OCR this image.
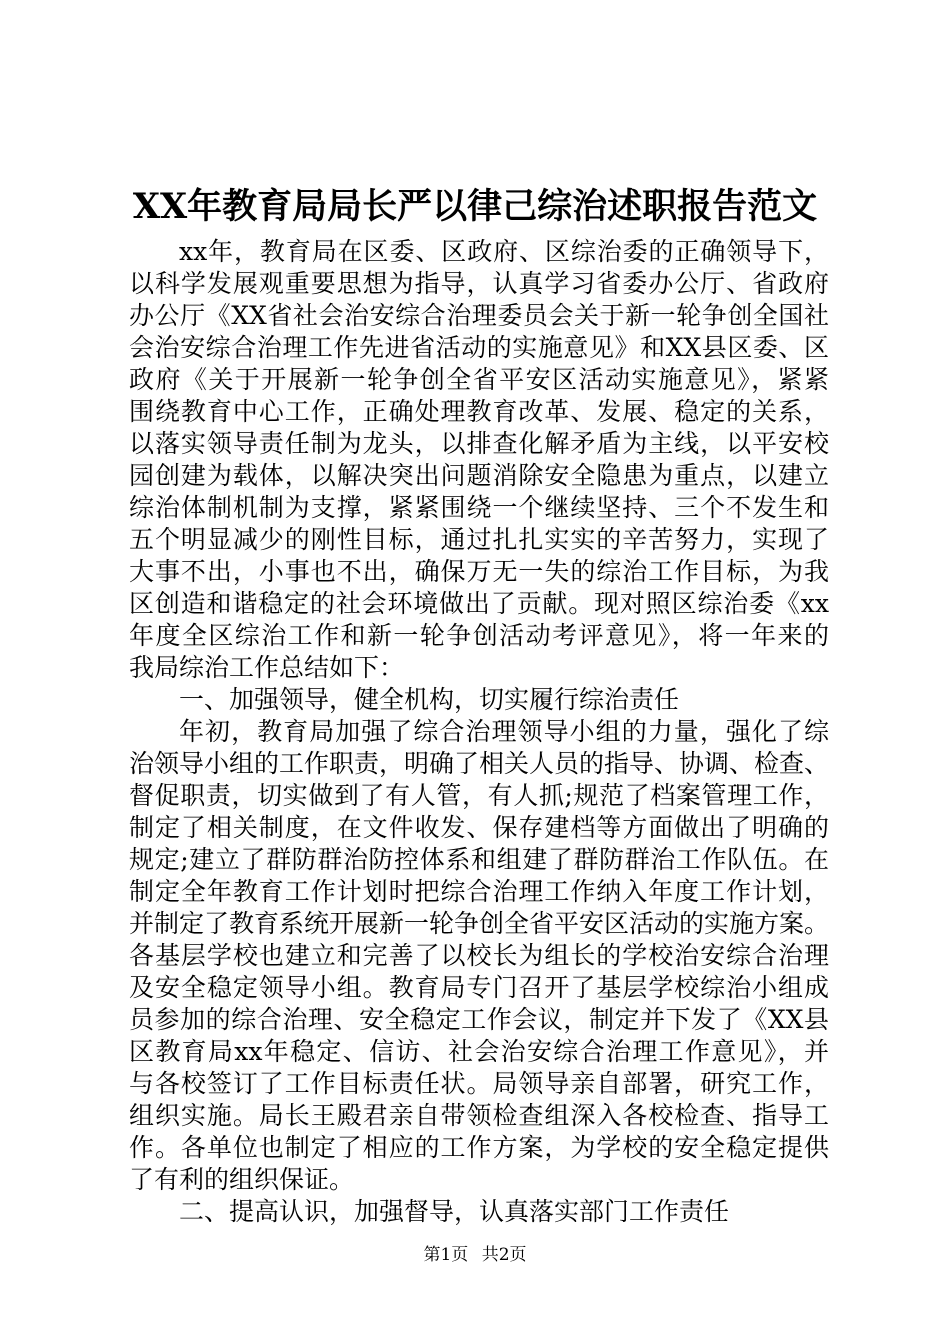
XX年教育局局长严以律己综治述职报告范文
xx年，教育局在区委、区政府、区综治委的正确领导下，
以科学发展观重要思想为指导，认真学习省委办公厅、省政府
办公厅《XX省社会治安综合治理委员会关于新一轮争创全国社
会治安综合治理工作先进省活动的实施意见》和XX县区委、区
政府《关于开展新一轮争创全省平安区活动实施意见》，紧紧
围绕教育中心工作，正确处理教育改革、发展、稳定的关系，
以落实领导责任制为龙头，以排查化解矛盾为主线，以平安校
园创建为载体，以解决突出问题消除安全隐患为重点，以建立
综治体制机制为支撑，紧紧围绕一个继续坚持、三个不发生和
五个明显减少的刚性目标，通过扎扎实实的辛苦努力，实现了
大事不出，小事也不出，确保万无一失的综治工作目标，为我
区创造和谐稳定的社会环境做出了贡献。现对照区综治委《xx
年度全区综治工作和新一轮争创活动考评意见》，将一年来的
我局综治工作总结如下：
一、加强领导，健全机构，切实履行综治责任
年初，教育局加强了综合治理领导小组的力量，强化了综
治领导小组的工作职责，明确了相关人员的指导、协调、检查、
督促职责，切实做到了有人管，有人抓;规范了档案管理工作，
制定了相关制度，在文件收发、保存建档等方面做出了明确的
规定;建立了群防群治防控体系和组建了群防群治工作队伍。在
制定全年教育工作计划时把综合治理工作纳入年度工作计划，
并制定了教育系统开展新一轮争创全省平安区活动的实施方案。
各基层学校也建立和完善了以校长为组长的学校治安综合治理
及安全稳定领导小组。教育局专门召开了基层学校综治小组成
员参加的综合治理、安全稳定工作会议，制定并下发了《XX县
区教育局xx年稳定、信访、社会治安综合治理工作意见》，并
与各校签订了工作目标责任状。局领导亲自部署，研究工作，
组织实施。局长王殿君亲自带领检查组深入各校检查、指导工
作。各单位也制定了相应的工作方案，为学校的安全稳定提供
了有利的组织保证。
二、提高认识，加强督导，认真落实部门工作责任
第1页 共2页
